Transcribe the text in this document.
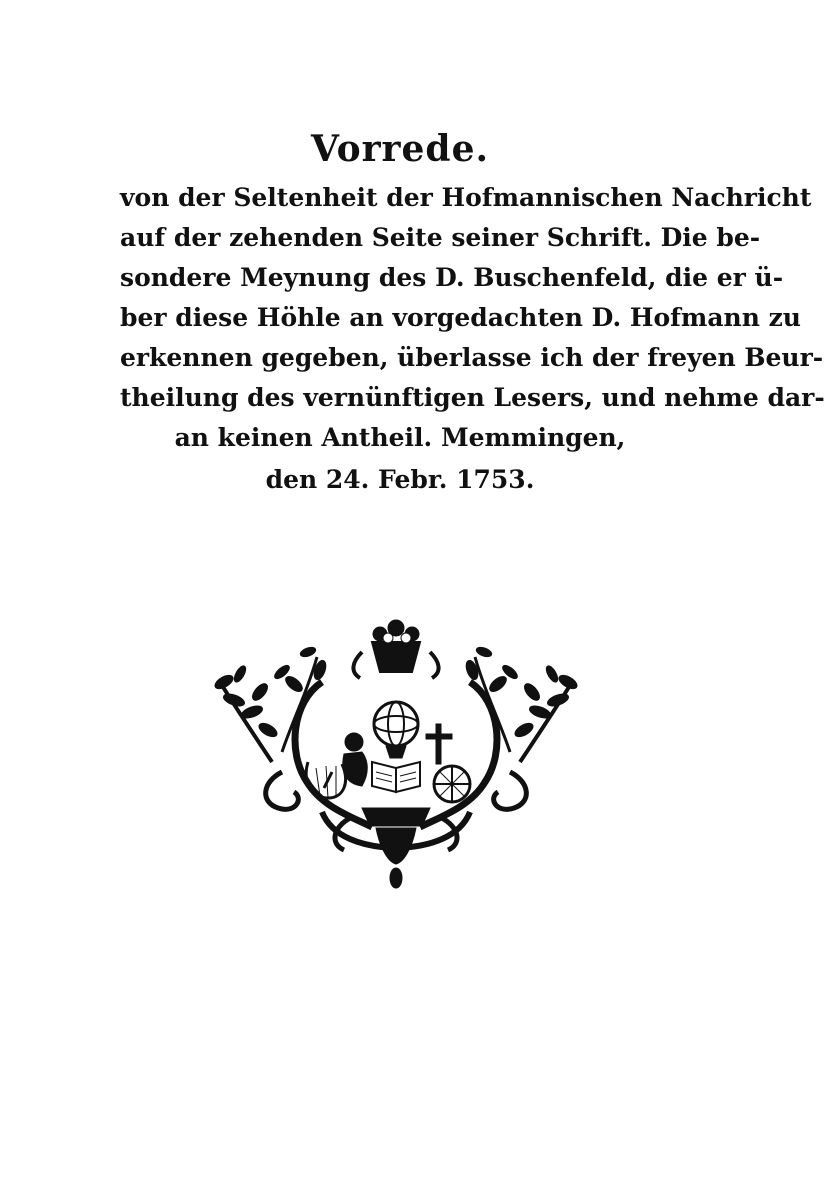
Vorrede.
von der Seltenheit der Hofmannischen Nachricht
auf der zehenden Seite seiner Schrift. Die be-
sondere Meynung des D. Buschenfeld, die er ü-
ber diese Höhle an vorgedachten D. Hofmann zu
erkennen gegeben, überlasse ich der freyen Beur-
theilung des vernünftigen Lesers, und nehme dar-
an keinen Antheil. Memmingen,
den 24. Febr. 1753.
